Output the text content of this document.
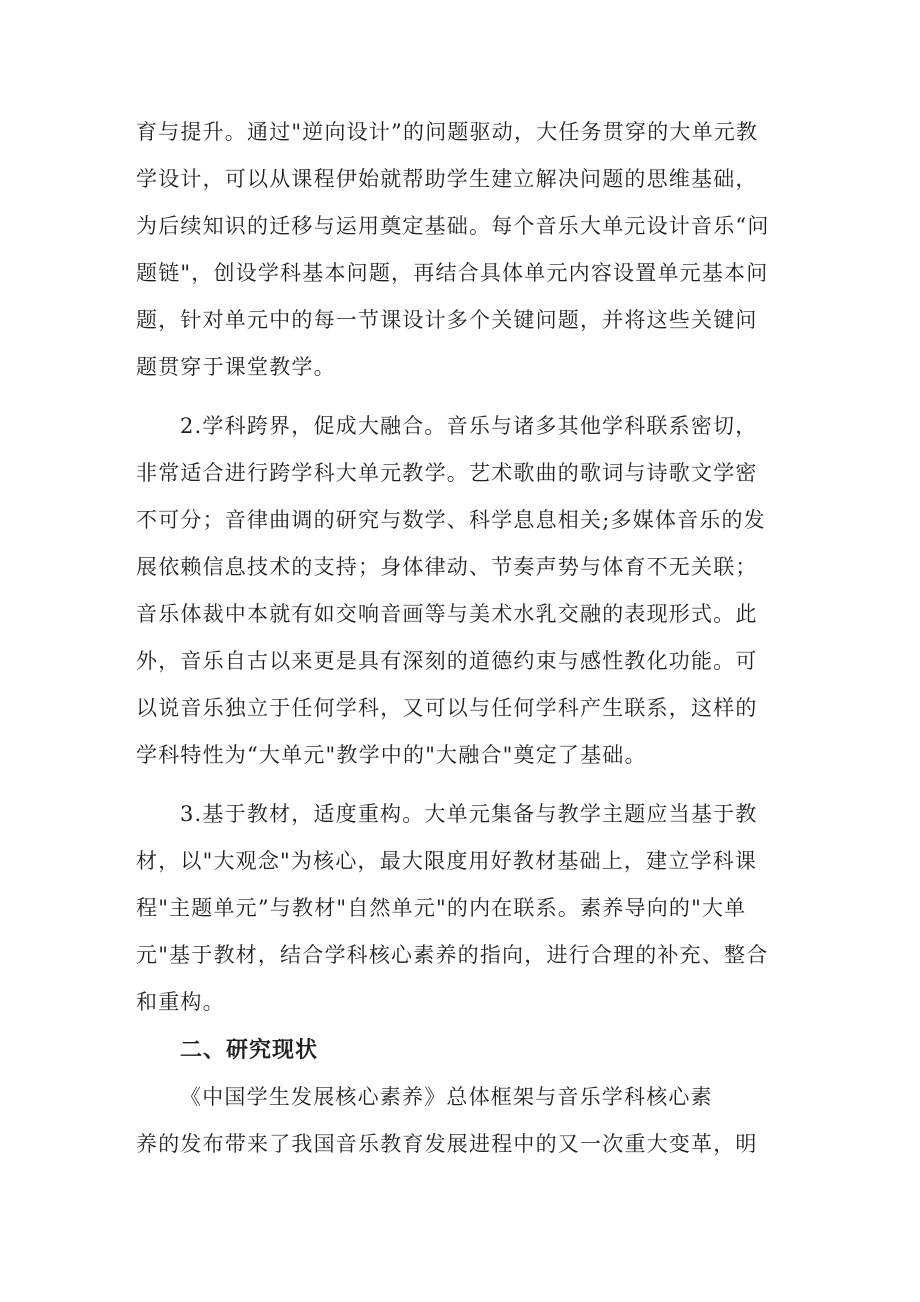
育与提升。通过"逆向设计”的问题驱动，大任务贯穿的大单元教
学设计，可以从课程伊始就帮助学生建立解决问题的思维基础，
为后续知识的迁移与运用奠定基础。每个音乐大单元设计音乐“问
题链"，创设学科基本问题，再结合具体单元内容设置单元基本问
题，针对单元中的每一节课设计多个关键问题，并将这些关键问
题贯穿于课堂教学。
2.学科跨界，促成大融合。音乐与诸多其他学科联系密切，
非常适合进行跨学科大单元教学。艺术歌曲的歌词与诗歌文学密
不可分；音律曲调的研究与数学、科学息息相关;多媒体音乐的发
展依赖信息技术的支持；身体律动、节奏声势与体育不无关联；
音乐体裁中本就有如交响音画等与美术水乳交融的表现形式。此
外，音乐自古以来更是具有深刻的道德约束与感性教化功能。可
以说音乐独立于任何学科，又可以与任何学科产生联系，这样的
学科特性为“大单元"教学中的"大融合"奠定了基础。
3.基于教材，适度重构。大单元集备与教学主题应当基于教
材，以"大观念"为核心，最大限度用好教材基础上，建立学科课
程"主题单元”与教材"自然单元"的内在联系。素养导向的"大单
元"基于教材，结合学科核心素养的指向，进行合理的补充、整合
和重构。
二、研究现状
《中国学生发展核心素养》总体框架与音乐学科核心素
养的发布带来了我国音乐教育发展进程中的又一次重大变革，明
